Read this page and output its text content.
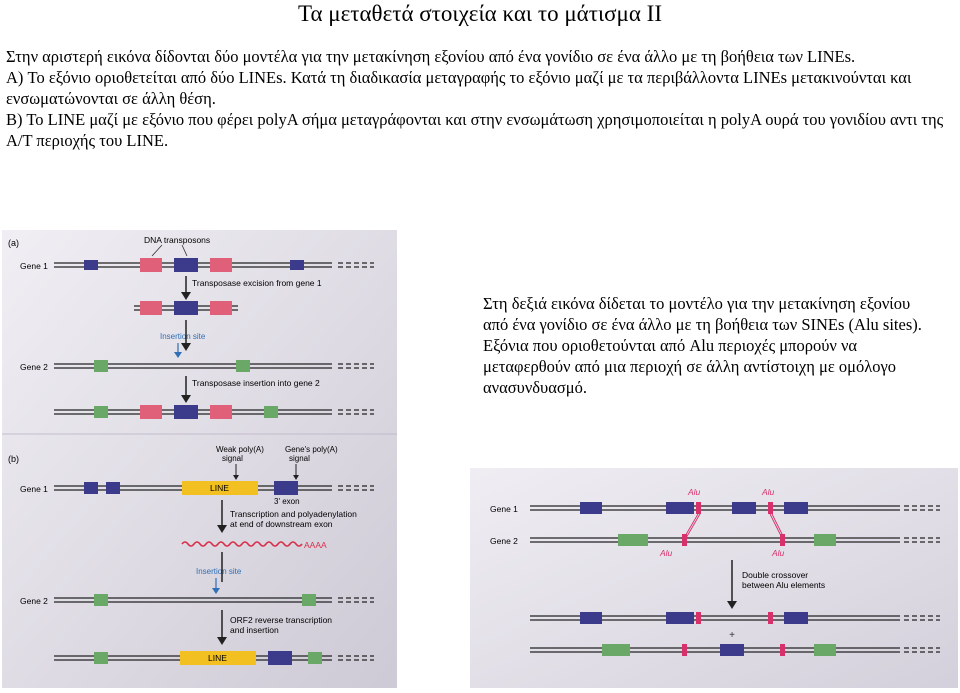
Τα μεταθετά στοιχεία και το μάτισμα ΙΙ

Στην αριστερή εικόνα δίδονται δύο μοντέλα για την μετακίνηση εξονίου από ένα γονίδιο σε ένα άλλο με τη βοήθεια των LINEs.

A) Το εξόνιο οριοθετείται από δύο LINEs. Κατά τη διαδικασία μεταγραφής το εξόνιο μαζί με τα περιβάλλοντα LINEs μετακινούνται και ενσωματώνονται σε άλλη θέση.

B) To LINE μαζί με εξόνιο που φέρει polyA σήμα μεταγράφονται και στην ενσωμάτωση χρησιμοποιείται η polyA ουρά του γονιδίου αντι της Α/Τ περιοχής του LINE.

(a)	DNA transposons
Gene 1
Transposase excision from gene 1
Insertion site
Gene 2
Transposase insertion into gene 2
(b)
Weak poly(A)
signal
Gene's poly(A)
signal
Gene 1	LINE
3' exon
Transcription and polyadenylation
at end of downstream exon
AAAA
Insertion site
Gene 2
ORF2 reverse transcription
and insertion
LINE

Στη δεξιά εικόνα δίδεται το μοντέλο για την μετακίνηση εξονίου από ένα γονίδιο σε ένα άλλο με τη βοήθεια των SINEs (Alu sites).

Εξόνια που οριοθετούνται από Alu περιοχές μπορούν να μεταφερθούν από μια περιοχή σε άλλη αντίστοιχη με ομόλογο ανασυνδυασμό.

Alu	Alu
Gene 1
Gene 2
Alu	Alu
Double crossover
between Alu elements
+
